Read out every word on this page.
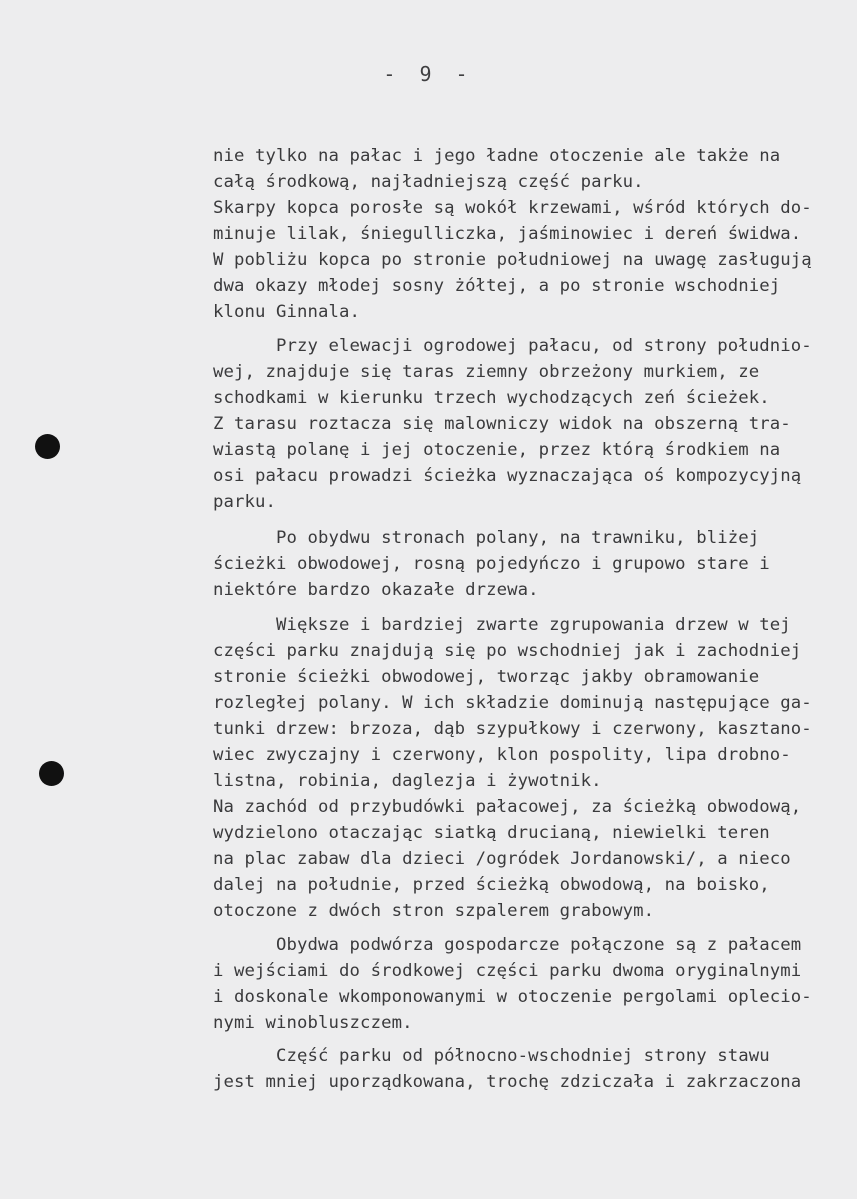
- 9 -
nie tylko na pałac i jego ładne otoczenie ale także na
całą środkową, najładniejszą część parku.
Skarpy kopca porosłe są wokół krzewami, wśród których do-
minuje lilak, śniegulliczka, jaśminowiec i dereń świdwa.
W pobliżu kopca po stronie południowej na uwagę zasługują
dwa okazy młodej sosny żółtej, a po stronie wschodniej
klonu Ginnala.
Przy elewacji ogrodowej pałacu, od strony południo-
wej, znajduje się taras ziemny obrzeżony murkiem, ze
schodkami w kierunku trzech wychodzących zeń ścieżek.
Z tarasu roztacza się malowniczy widok na obszerną tra-
wiastą polanę i jej otoczenie, przez którą środkiem na
osi pałacu prowadzi ścieżka wyznaczająca oś kompozycyjną
parku.
Po obydwu stronach polany, na trawniku, bliżej
ścieżki obwodowej, rosną pojedyńczo i grupowo stare i
niektóre bardzo okazałe drzewa.
Większe i bardziej zwarte zgrupowania drzew w tej
części parku znajdują się po wschodniej jak i zachodniej
stronie ścieżki obwodowej, tworząc jakby obramowanie
rozległej polany. W ich składzie dominują następujące ga-
tunki drzew: brzoza, dąb szypułkowy i czerwony, kasztano-
wiec zwyczajny i czerwony, klon pospolity, lipa drobno-
listna, robinia, daglezja i żywotnik.
Na zachód od przybudówki pałacowej, za ścieżką obwodową,
wydzielono otaczając siatką drucianą, niewielki teren
na plac zabaw dla dzieci /ogródek Jordanowski/, a nieco
dalej na południe, przed ścieżką obwodową, na boisko,
otoczone z dwóch stron szpalerem grabowym.
Obydwa podwórza gospodarcze połączone są z pałacem
i wejściami do środkowej części parku dwoma oryginalnymi
i doskonale wkomponowanymi w otoczenie pergolami oplecio-
nymi winobluszczem.
Część parku od północno-wschodniej strony stawu
jest mniej uporządkowana, trochę zdziczała i zakrzaczona
